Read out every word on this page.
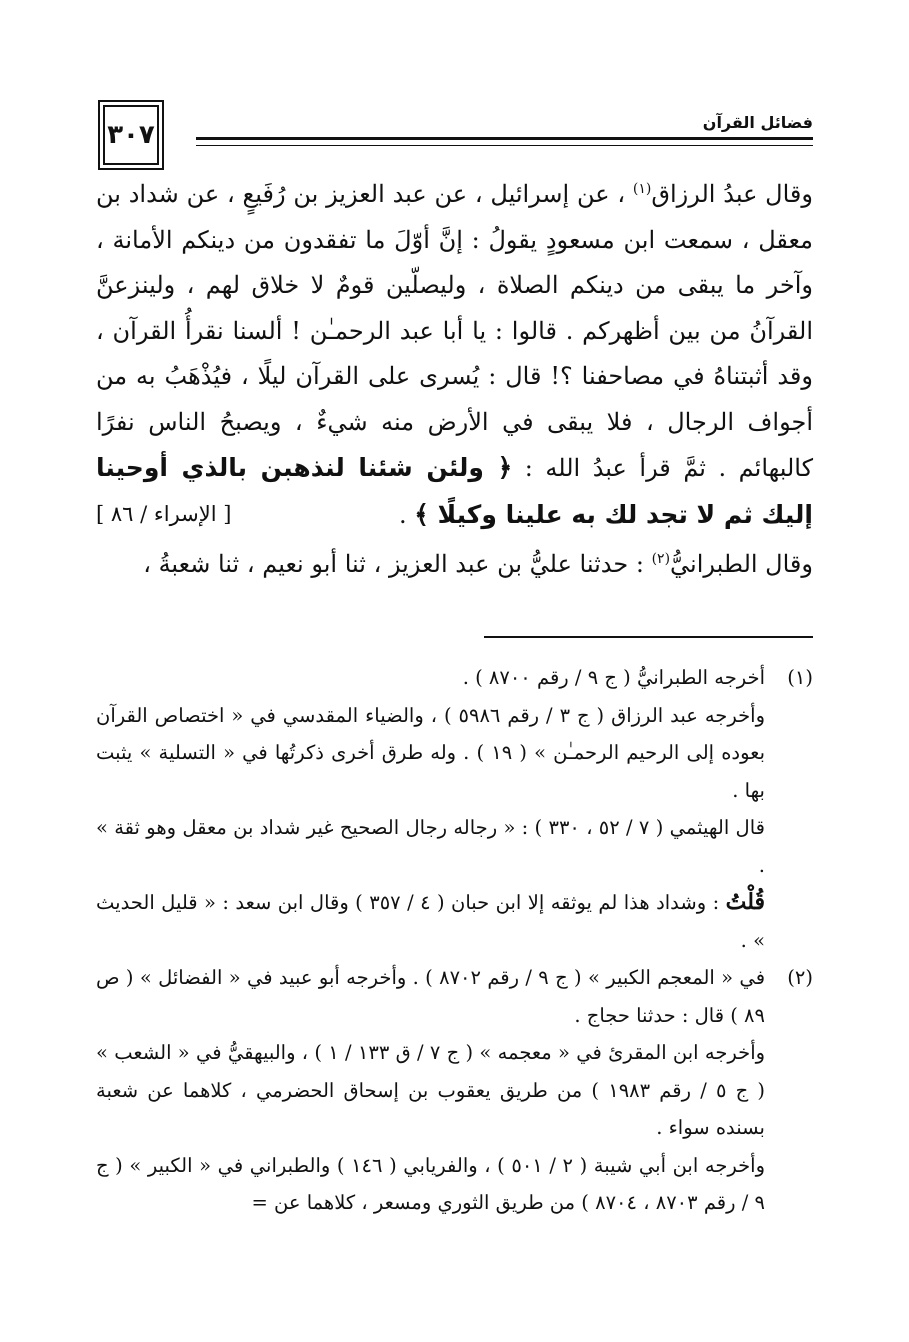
٣٠٧	فضائل القرآن

وقال عبدُ الرزاق$^{(١)}$ ، عن إسرائيل ، عن عبد العزيز بن رُفَيعٍ ، عن شداد بن معقل ، سمعت ابن مسعودٍ يقولُ : إنَّ أوّلَ ما تفقدون من دينكم الأمانة ، وآخر ما يبقى من دينكم الصلاة ، وليصلّين قومٌ لا خلاق لهم ، ولينزعنَّ القرآنُ من بين أظهركم . قالوا : يا أبا عبد الرحمـٰن ! ألسنا نقرأُ القرآن ، وقد أثبتناهُ في مصاحفنا ؟! قال : يُسرى على القرآن ليلًا ، فيُذْهَبُ به من أجواف الرجال ، فلا يبقى في الأرض منه شيءٌ ، ويصبحُ الناس نفرًا كالبهائم . ثمَّ قرأ عبدُ الله : ﴿ ولئن شئنا لنذهبن بالذي أوحينا إليك ثم لا تجد لك به علينا وكيلًا ﴾ .
[ الإسراء / ٨٦ ]

وقال الطبرانيُّ$^{(٢)}$ : حدثنا عليُّ بن عبد العزيز ، ثنا أبو نعيم ، ثنا شعبةُ ،

(١)

أخرجه الطبرانيُّ ( ج ٩ / رقم ٨٧٠٠ ) .

وأخرجه عبد الرزاق ( ج ٣ / رقم ٥٩٨٦ ) ، والضياء المقدسي في « اختصاص القرآن بعوده إلى الرحيم الرحمـٰن » ( ١٩ ) . وله طرق أخرى ذكرتُها في « التسلية » يثبت بها .

قال الهيثمي ( ٧ / ٥٢ ، ٣٣٠ ) : « رجاله رجال الصحيح غير شداد بن معقل وهو ثقة » .

قُلْتُ : وشداد هذا لم يوثقه إلا ابن حبان ( ٤ / ٣٥٧ ) وقال ابن سعد : « قليل الحديث » .

(٢)

في « المعجم الكبير » ( ج ٩ / رقم ٨٧٠٢ ) . وأخرجه أبو عبيد في « الفضائل » ( ص ٨٩ ) قال : حدثنا حجاج .

وأخرجه ابن المقرئ في « معجمه » ( ج ٧ / ق ١٣٣ / ١ ) ، والبيهقيُّ في « الشعب » ( ج ٥ / رقم ١٩٨٣ ) من طريق يعقوب بن إسحاق الحضرمي ، كلاهما عن شعبة بسنده سواء .

وأخرجه ابن أبي شيبة ( ٢ / ٥٠١ ) ، والفريابي ( ١٤٦ ) والطبراني في « الكبير » ( ج ٩ / رقم ٨٧٠٣ ، ٨٧٠٤ ) من طريق الثوري ومسعر ، كلاهما عن =
